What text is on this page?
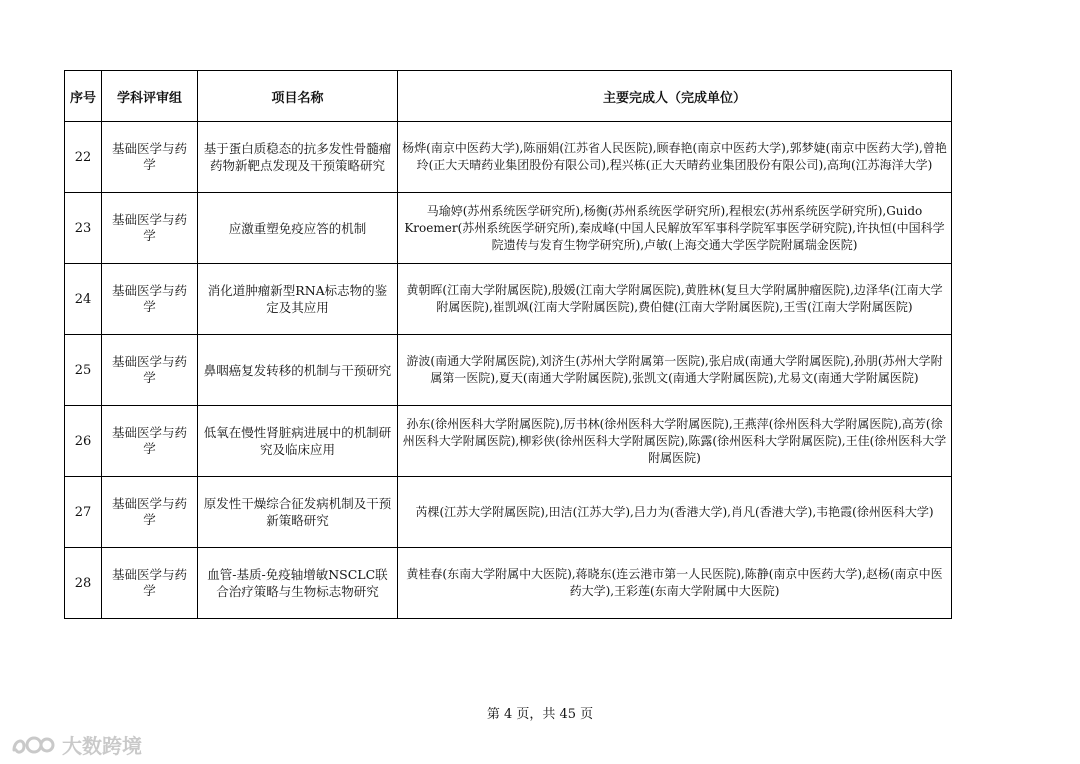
序号	学科评审组	项目名称	主要完成人（完成单位）
22	基础医学与药学	基于蛋白质稳态的抗多发性骨髓瘤药物新靶点发现及干预策略研究	杨烨(南京中医药大学),陈丽娟(江苏省人民医院),顾春艳(南京中医药大学),郭梦婕(南京中医药大学),曾艳玲(正大天晴药业集团股份有限公司),程兴栋(正大天晴药业集团股份有限公司),高珣(江苏海洋大学)
23	基础医学与药学	应激重塑免疫应答的机制	马瑜婷(苏州系统医学研究所),杨衡(苏州系统医学研究所),程根宏(苏州系统医学研究所),Guido Kroemer(苏州系统医学研究所),秦成峰(中国人民解放军军事科学院军事医学研究院),许执恒(中国科学院遗传与发育生物学研究所),卢敏(上海交通大学医学院附属瑞金医院)
24	基础医学与药学	消化道肿瘤新型RNA标志物的鉴定及其应用	黄朝晖(江南大学附属医院),殷媛(江南大学附属医院),黄胜林(复旦大学附属肿瘤医院),边泽华(江南大学附属医院),崔凯飒(江南大学附属医院),费伯健(江南大学附属医院),王雪(江南大学附属医院)
25	基础医学与药学	鼻咽癌复发转移的机制与干预研究	游波(南通大学附属医院),刘济生(苏州大学附属第一医院),张启成(南通大学附属医院),孙朋(苏州大学附属第一医院),夏天(南通大学附属医院),张凯文(南通大学附属医院),尤易文(南通大学附属医院)
26	基础医学与药学	低氧在慢性肾脏病进展中的机制研究及临床应用	孙东(徐州医科大学附属医院),厉书林(徐州医科大学附属医院),王燕萍(徐州医科大学附属医院),高芳(徐州医科大学附属医院),柳彩侠(徐州医科大学附属医院),陈露(徐州医科大学附属医院),王佳(徐州医科大学附属医院)
27	基础医学与药学	原发性干燥综合征发病机制及干预新策略研究	芮棵(江苏大学附属医院),田洁(江苏大学),吕力为(香港大学),肖凡(香港大学),韦艳霞(徐州医科大学)
28	基础医学与药学	血管-基质-免疫轴增敏NSCLC联合治疗策略与生物标志物研究	黄桂春(东南大学附属中大医院),蒋晓东(连云港市第一人民医院),陈静(南京中医药大学),赵杨(南京中医药大学),王彩莲(东南大学附属中大医院)
第 4 页，共 45 页
大数跨境
